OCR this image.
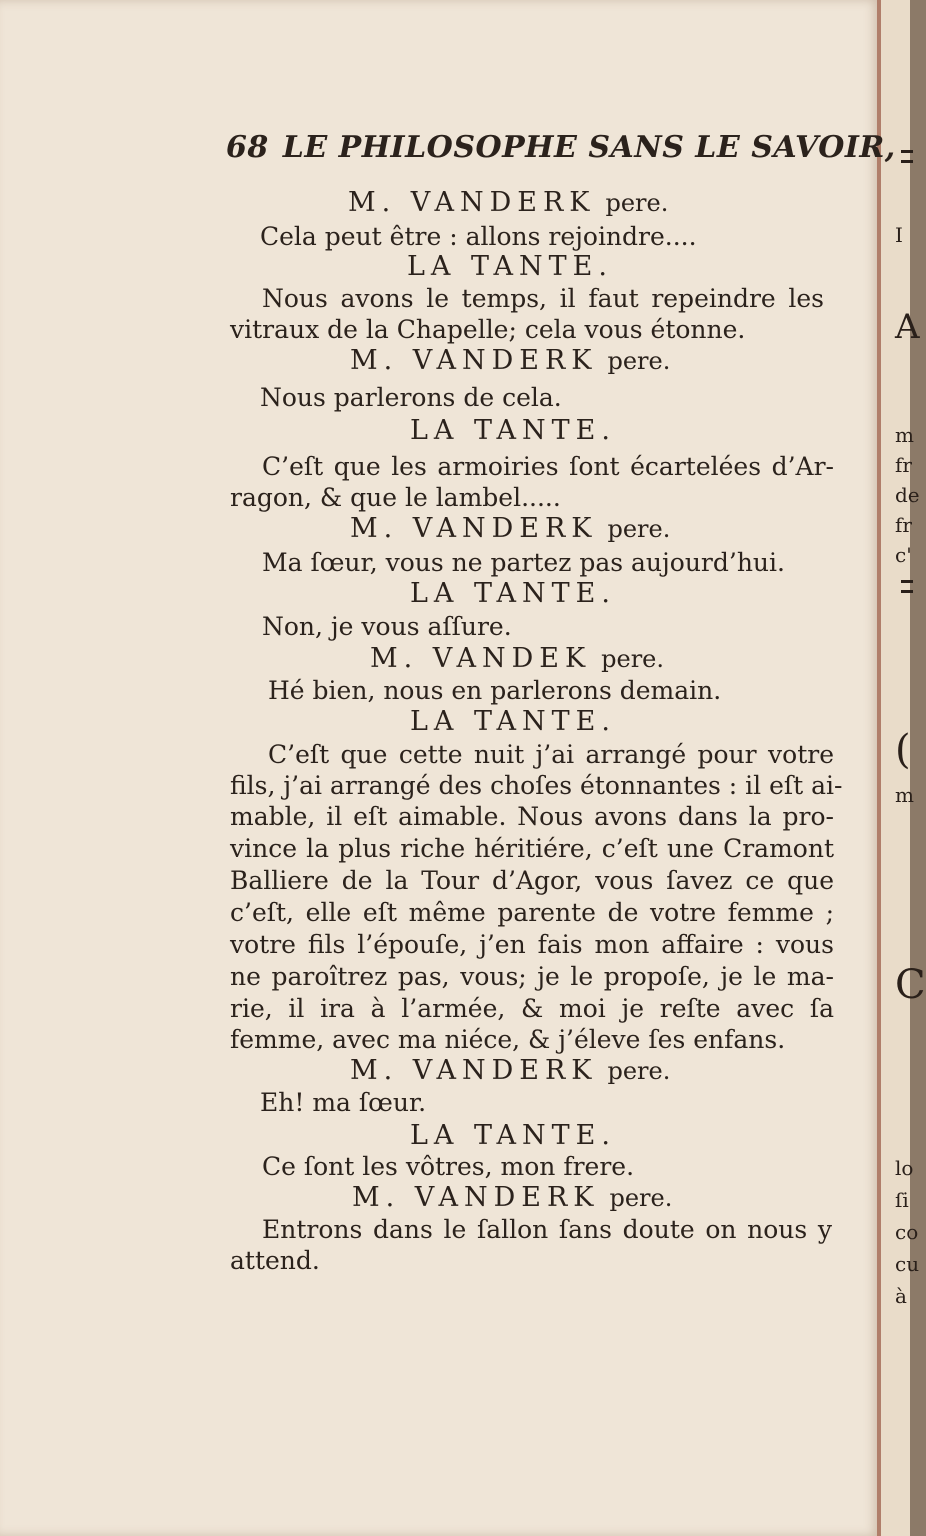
I
A
m
fr
de
fr
c'
(
m
C
lo
ſi
co
cu
à
68 LE PHILOSOPHE SANS LE SAVOIR,
M. VANDERK pere.
Cela peut être : allons rejoindre....
LA TANTE.
Nous avons le temps, il faut repeindre les
vitraux de la Chapelle; cela vous étonne.
M. VANDERK pere.
Nous parlerons de cela.
LA TANTE.
C’eſt que les armoiries ſont écartelées d’Ar-
ragon, & que le lambel.....
M. VANDERK pere.
Ma ſœur, vous ne partez pas aujourd’hui.
LA TANTE.
Non, je vous aſſure.
M. VANDEK pere.
Hé bien, nous en parlerons demain.
LA TANTE.
C’eſt que cette nuit j’ai arrangé pour votre
fils, j’ai arrangé des choſes étonnantes : il eſt ai-
mable, il eſt aimable. Nous avons dans la pro-
vince la plus riche héritiére, c’eſt une Cramont
Balliere de la Tour d’Agor, vous ſavez ce que
c’eſt, elle eſt même parente de votre femme ;
votre fils l’épouſe, j’en fais mon affaire : vous
ne paroîtrez pas, vous; je le propoſe, je le ma-
rie, il ira à l’armée, & moi je reſte avec ſa
femme, avec ma niéce, & j’éleve ſes enfans.
M. VANDERK pere.
Eh! ma ſœur.
LA TANTE.
Ce ſont les vôtres, mon frere.
M. VANDERK pere.
Entrons dans le ſallon ſans doute on nous y
attend.
